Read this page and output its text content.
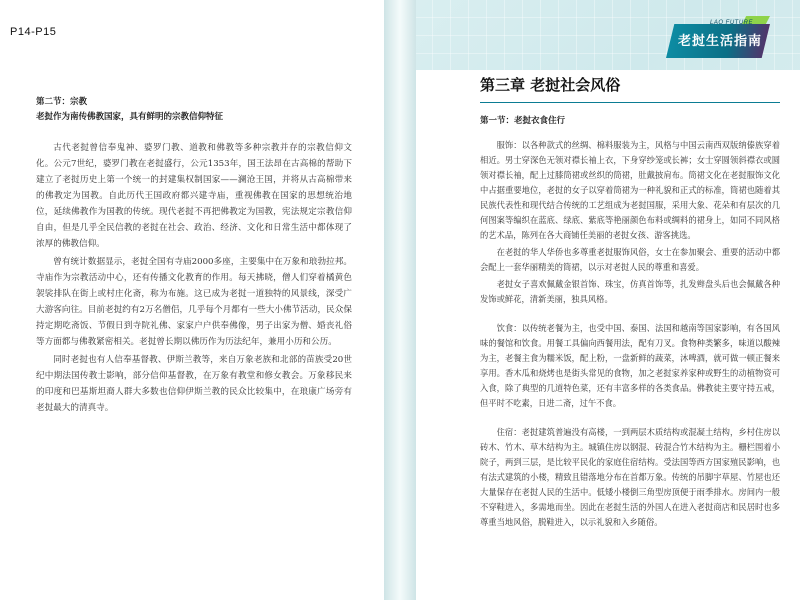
P14-P15
第二节：宗教
老挝作为南传佛教国家，具有鲜明的宗教信仰特征

古代老挝曾信奉鬼神、婆罗门教、道教和佛教等多种宗教并存的宗教信仰文化。公元7世纪，婆罗门教在老挝盛行，公元1353年，国王法昂在古高棉的帮助下建立了老挝历史上第一个统一的封建集权制国家——澜沧王国，并将从古高棉带来的佛教定为国教。自此历代王国政府都兴建寺庙，重视佛教在国家的思想统治地位，延续佛教作为国教的传统。现代老挝不再把佛教定为国教，宪法规定宗教信仰自由，但是几乎全民信教的老挝在社会、政治、经济、文化和日常生活中都体现了浓厚的佛教信仰。

曾有统计数据显示，老挝全国有寺庙2000多座，主要集中在万象和琅勃拉邦。寺庙作为宗教活动中心，还有传播文化教育的作用。每天拂晓，僧人们穿着橘黄色袈裟排队在街上或村庄化斋，称为布施。这已成为老挝一道独特的风景线，深受广大游客向往。目前老挝约有2万名僧侣，几乎每个月都有一些大小佛节活动，民众保持定期吃斋饭、节假日到寺院礼佛、家家户户供奉佛像，男子出家为僧、婚丧礼俗等方面都与佛教紧密相关。老挝曾长期以佛历作为历法纪年，兼用小历和公历。

同时老挝也有人信奉基督教、伊斯兰教等，来自万象老族和北部的苗族受20世纪中期法国传教士影响，部分信仰基督教，在万象有教堂和修女教会。万象移民来的印度和巴基斯坦裔人群大多数也信仰伊斯兰教的民众比较集中，在琅康广场旁有老挝最大的清真寺。

LAO FUTURE
老挝生活指南
第三章 老挝社会风俗
第一节：老挝衣食住行

服饰：以各种款式的丝绸、棉料服装为主，风格与中国云南西双版纳傣族穿着相近。男士穿深色无领对襟长袖上衣，下身穿纱笼或长裤；女士穿圆领斜襟衣或圆领对襟长袖，配上过膝筒裙或丝织的筒裙，肚戴披肩布。筒裙文化在老挝服饰文化中占据重要地位，老挝的女子以穿着筒裙为一种礼貌和正式的标准，筒裙也随着其民族代表性和现代结合传统的工艺组成为老挝国服，采用大象、花朵和有层次的几何图案等编织在蓝底、绿底、紫底等艳丽颜色布料或绸料的裙身上，如同不同风格的艺术品，陈列在各大商铺任美丽的老挝女孩、游客挑选。

在老挝的华人华侨也多尊重老挝服饰风俗，女士在参加聚会、重要的活动中都会配上一套华丽精美的筒裙，以示对老挝人民的尊重和喜爱。

老挝女子喜欢佩戴金银首饰、珠宝，仿真首饰等，扎发辫盘头后也会佩戴各种发饰或鲜花，清新美丽，独具风格。

饮食：以传统老餐为主，也受中国、泰国、法国和越南等国家影响，有各国风味的餐馆和饮食。用餐工具偏向西餐用法，配有刀叉。食物种类繁多，味道以酸辣为主，老餐主食为糯米饭，配上粉，一盘新鲜的蔬菜，沐啤酒，就可做一顿正餐来享用。香木瓜和烧烤也是街头常见的食物，加之老挝家养家种或野生的动植物资可入食，除了典型的几道特色菜，还有丰富多样的各类食品。佛教徒主要守持五戒，但平时不吃素，日进二斋，过午不食。

住宿：老挝建筑普遍没有高楼，一到两层木质结构或混凝土结构，乡村住房以砖木、竹木、草木结构为主。城镇住房以钢混、砖混合竹木结构为主。栅栏围着小院子，两到三层，是比较平民化的家庭住宿结构。受法国等西方国家殖民影响，也有法式建筑的小楼，精致且错落地分布在首都万象。传统的吊脚宇草屋、竹屋也还大量保存在老挝人民的生活中。低矮小楼倒三角型房顶便于雨季排水。房间内一般不穿鞋进入，多需地而坐。因此在老挝生活的外国人在进入老挝商店和民居时也多尊重当地风俗，脱鞋进入，以示礼貌和入乡随俗。
